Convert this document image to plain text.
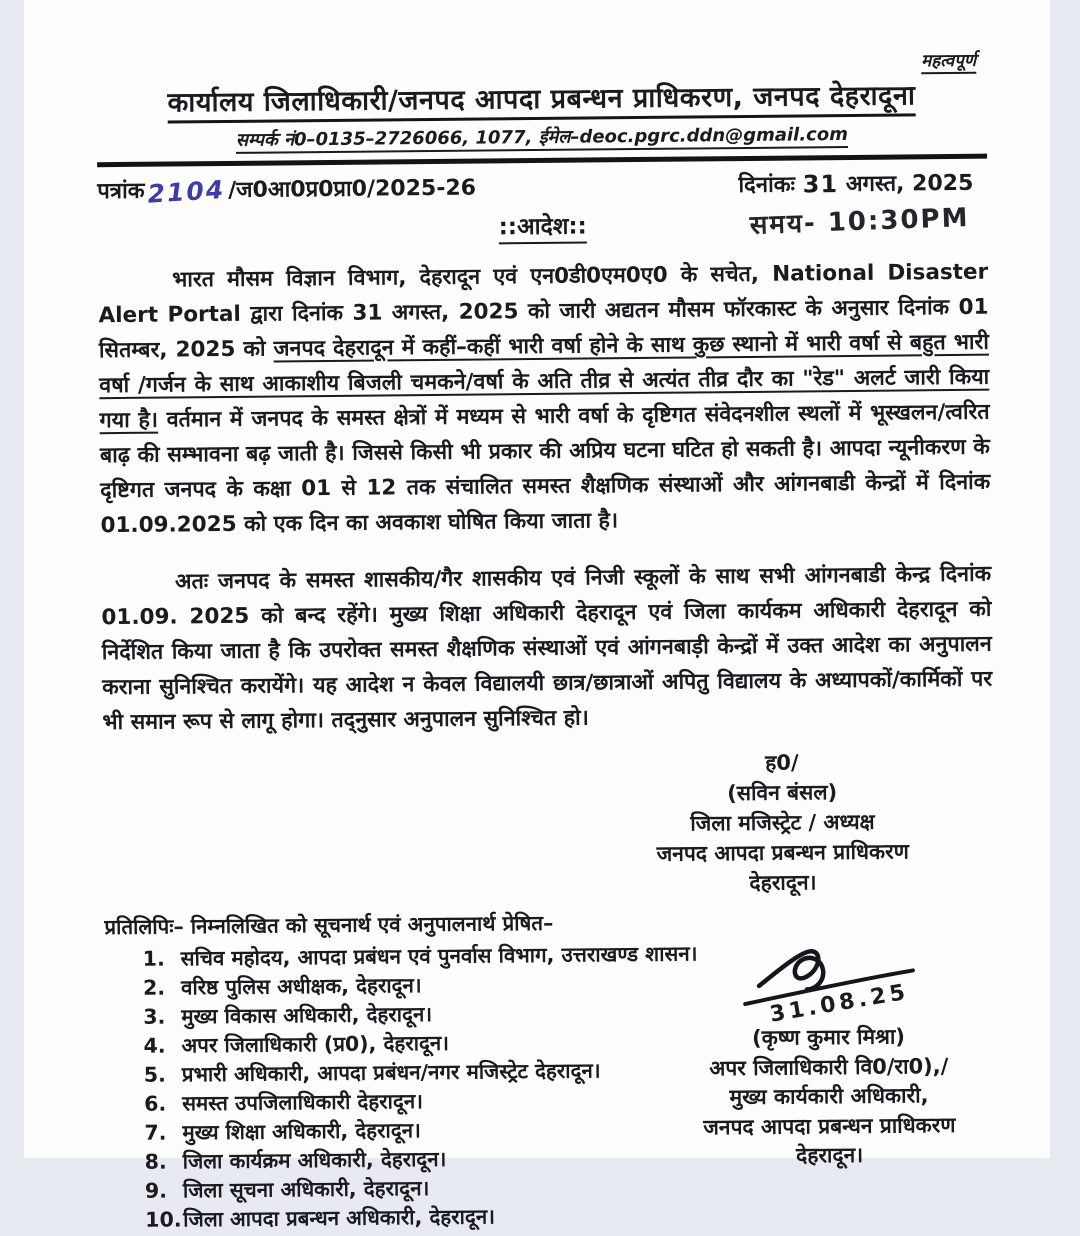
महत्वपूर्ण
कार्यालय जिलाधिकारी/जनपद आपदा प्रबन्धन प्राधिकरण, जनपद देहरादूना
सम्पर्क नं0–0135–2726066, 1077, ईमेल–deoc.pgrc.ddn@gmail.com
पत्रांक2104/ज0आ0प्र0प्रा0/2025-26	दिनांकः 31 अगस्त, 2025
::आदेश::	समय- 10:30PM

भारत मौसम विज्ञान विभाग, देहरादून एवं एन0डी0एम0ए0 के सचेत, National Disaster Alert Portal द्वारा दिनांक 31 अगस्त, 2025 को जारी अद्यतन मौसम फॉरकास्ट के अनुसार दिनांक 01 सितम्बर, 2025 को जनपद देहरादून में कहीं–कहीं भारी वर्षा होने के साथ कुछ स्थानो में भारी वर्षा से बहुत भारी वर्षा /गर्जन के साथ आकाशीय बिजली चमकने/वर्षा के अति तीव्र से अत्यंत तीव्र दौर का "रेड" अलर्ट जारी किया गया है। वर्तमान में जनपद के समस्त क्षेत्रों में मध्यम से भारी वर्षा के दृष्टिगत संवेदनशील स्थलों में भूस्खलन/त्वरित बाढ़ की सम्भावना बढ़ जाती है। जिससे किसी भी प्रकार की अप्रिय घटना घटित हो सकती है। आपदा न्यूनीकरण के दृष्टिगत जनपद के कक्षा 01 से 12 तक संचालित समस्त शैक्षणिक संस्थाओं और आंगनबाडी केन्द्रों में दिनांक 01.09.2025 को एक दिन का अवकाश घोषित किया जाता है।

अतः जनपद के समस्त शासकीय/गैर शासकीय एवं निजी स्कूलों के साथ सभी आंगनबाडी केन्द्र दिनांक 01.09. 2025 को बन्द रहेंगे। मुख्य शिक्षा अधिकारी देहरादून एवं जिला कार्यकम अधिकारी देहरादून को निर्देशित किया जाता है कि उपरोक्त समस्त शैक्षणिक संस्थाओं एवं आंगनबाड़ी केन्द्रों में उक्त आदेश का अनुपालन कराना सुनिश्चित करायेंगे। यह आदेश न केवल विद्यालयी छात्र/छात्राओं अपितु विद्यालय के अध्यापकों/कार्मिकों पर भी समान रूप से लागू होगा। तद्नुसार अनुपालन सुनिश्चित हो।

ह0/
(सविन बंसल)
जिला मजिस्ट्रेट / अध्यक्ष
जनपद आपदा प्रबन्धन प्राधिकरण
देहरादून।
प्रतिलिपिः– निम्नलिखित को सूचनार्थ एवं अनुपालनार्थ प्रेषित–
सचिव महोदय, आपदा प्रबंधन एवं पुनर्वास विभाग, उत्तराखण्ड शासन।
वरिष्ठ पुलिस अधीक्षक, देहरादून।
मुख्य विकास अधिकारी, देहरादून।
अपर जिलाधिकारी (प्र0), देहरादून।
प्रभारी अधिकारी, आपदा प्रबंधन/नगर मजिस्ट्रेट देहरादून।
समस्त उपजिलाधिकारी देहरादून।
मुख्य शिक्षा अधिकारी, देहरादून।
जिला कार्यक्रम अधिकारी, देहरादून।
जिला सूचना अधिकारी, देहरादून।
जिला आपदा प्रबन्धन अधिकारी, देहरादून।
31.08.25
(कृष्ण कुमार मिश्रा)
अपर जिलाधिकारी वि0/रा0),/
मुख्य कार्यकारी अधिकारी,
जनपद आपदा प्रबन्धन प्राधिकरण
देहरादून।
